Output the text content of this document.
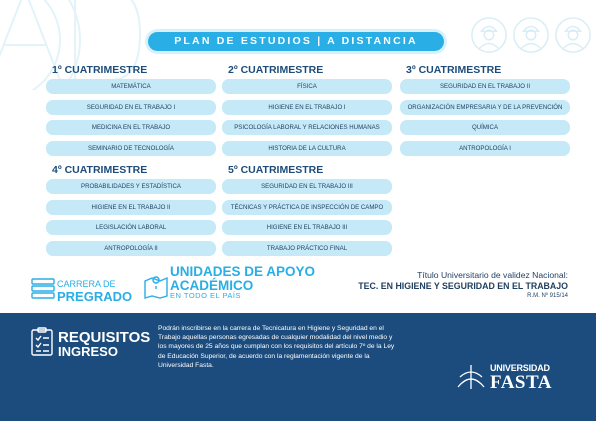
PLAN DE ESTUDIOS | A DISTANCIA
1º CUATRIMESTRE
MATEMÁTICA
SEGURIDAD EN EL TRABAJO I
MEDICINA EN EL TRABAJO
SEMINARIO DE TECNOLOGÍA
2º CUATRIMESTRE
FÍSICA
HIGIENE EN EL TRABAJO I
PSICOLOGÍA LABORAL Y RELACIONES HUMANAS
HISTORIA DE LA CULTURA
3º CUATRIMESTRE
SEGURIDAD EN EL TRABAJO II
ORGANIZACIÓN EMPRESARIA Y DE LA PREVENCIÓN
QUÍMICA
ANTROPOLOGÍA I
4º CUATRIMESTRE
PROBABILIDADES Y ESTADÍSTICA
HIGIENE EN EL TRABAJO II
LEGISLACIÓN LABORAL
ANTROPOLOGÍA II
5º CUATRIMESTRE
SEGURIDAD EN EL TRABAJO III
TÉCNICAS Y PRÁCTICA DE INSPECCIÓN DE CAMPO
HIGIENE EN EL TRABAJO III
TRABAJO PRÁCTICO FINAL
CARRERA DE
PREGRADO
UNIDADES DE APOYO
ACADÉMICO
EN TODO EL PAÍS
Título Universitario de validez Nacional:
TEC. EN HIGIENE Y SEGURIDAD EN EL TRABAJO
R.M. Nº 915/14
REQUISITOS
INGRESO
Podrán inscribirse en la carrera de Tecnicatura en Higiene y Seguridad en el Trabajo aquellas personas egresadas de cualquier modalidad del nivel medio y los mayores de 25 años que cumplan con los requisitos del artículo 7º de la Ley de Educación Superior, de acuerdo con la reglamentación vigente de la Universidad Fasta.	UNIVERSIDAD
FASTA
